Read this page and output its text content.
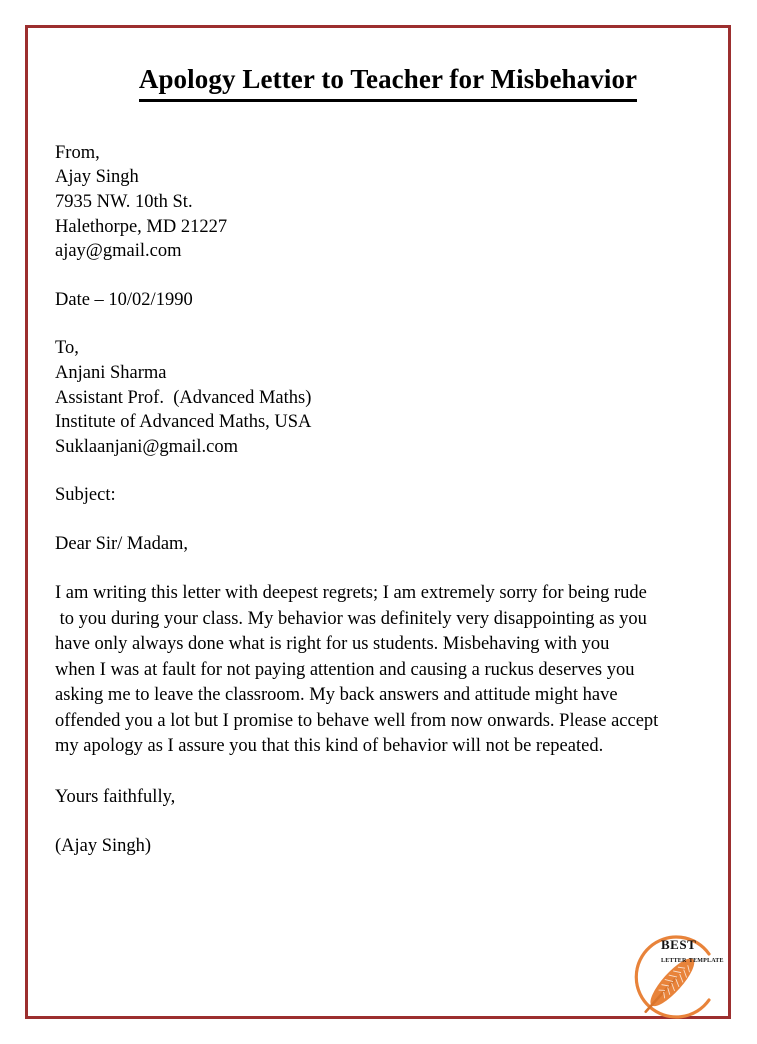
Apology Letter to Teacher for Misbehavior
From,
Ajay Singh
7935 NW. 10th St.
Halethorpe, MD 21227
ajay@gmail.com
Date – 10/02/1990
To,
Anjani Sharma
Assistant Prof.  (Advanced Maths)
Institute of Advanced Maths, USA
Suklaanjani@gmail.com
Subject:
Dear Sir/ Madam,
I am writing this letter with deepest regrets; I am extremely sorry for being rude
to you during your class. My behavior was definitely very disappointing as you
have only always done what is right for us students. Misbehaving with you
when I was at fault for not paying attention and causing a ruckus deserves you
asking me to leave the classroom. My back answers and attitude might have
offended you a lot but I promise to behave well from now onwards. Please accept
my apology as I assure you that this kind of behavior will not be repeated.
Yours faithfully,
(Ajay Singh)
best
letter template
